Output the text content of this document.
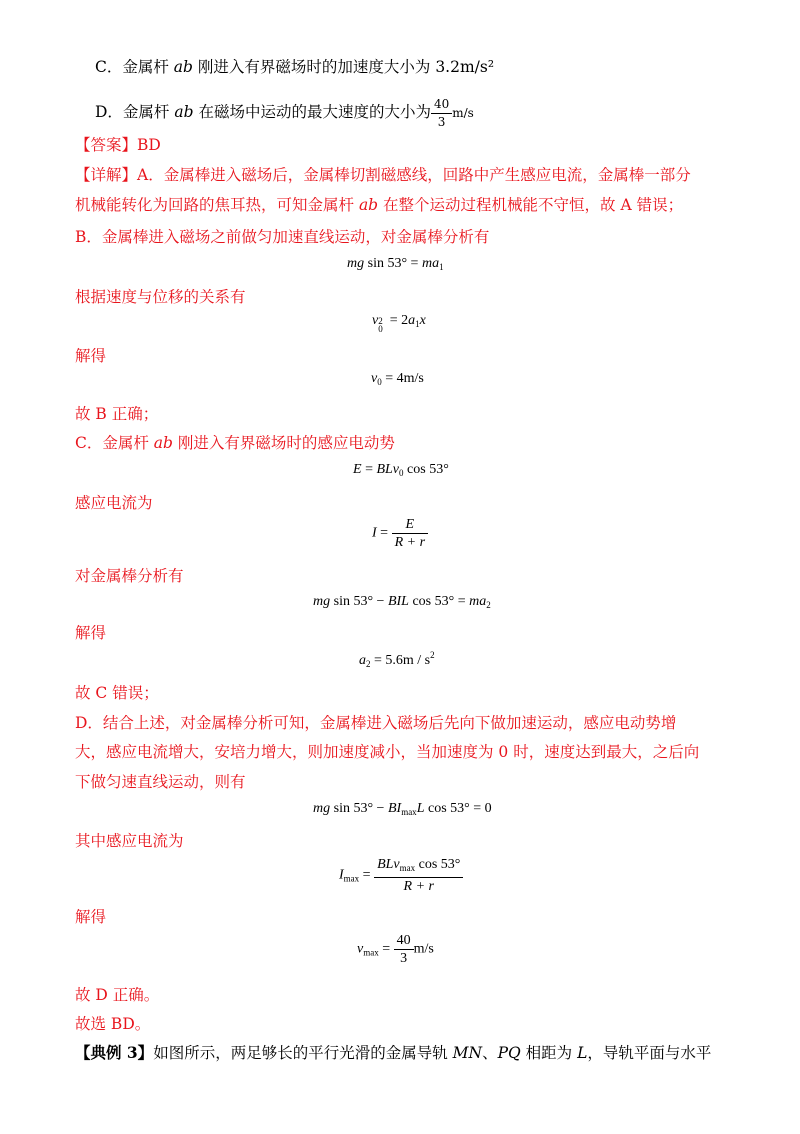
C．金属杆 ab 刚进入有界磁场时的加速度大小为 3.2m/s²
D．金属杆 ab 在磁场中运动的最大速度的大小为 $\frac{40}{3} m/s$
【答案】BD
【详解】A．金属棒进入磁场后，金属棒切割磁感线，回路中产生感应电流，金属棒一部分
机械能转化为回路的焦耳热，可知金属杆 ab 在整个运动过程机械能不守恒，故 A 错误；
B．金属棒进入磁场之前做匀加速直线运动，对金属棒分析有
mg $\sin 53^\circ = ma_1$
根据速度与位移的关系有
v 2
0
= $2a_1x$
解得
$v_0 = 4m/s$
故 B 正确；
C．金属杆 ab 刚进入有界磁场时的感应电动势
E = BLv$_0$ cos 53°
感应电流为
$I = \frac{E}{R + r}$
对金属棒分析有
mg sin 53° − BIL $\cos 53^\circ = ma_2$
解得
$a_2 = 5.6m / s^2$
故 C 错误；
D．结合上述，对金属棒分析可知，金属棒进入磁场后先向下做加速运动，感应电动势增
大，感应电流增大，安培力增大，则加速度减小，当加速度为 0 时，速度达到最大，之后向
下做匀速直线运动，则有
mg $\sin 53^\circ - BI_{max}L$ cos 53° = 0
其中感应电流为
$I_{max} = \frac{BLv_{max} \cos 53^\circ}{R + r}$
解得
$v_{max} = \frac{40}{3} m/s$
故 D 正确。
故选 BD。
【典例 3】如图所示，两足够长的平行光滑的金属导轨 MN、PQ 相距为 L，导轨平面与水平
